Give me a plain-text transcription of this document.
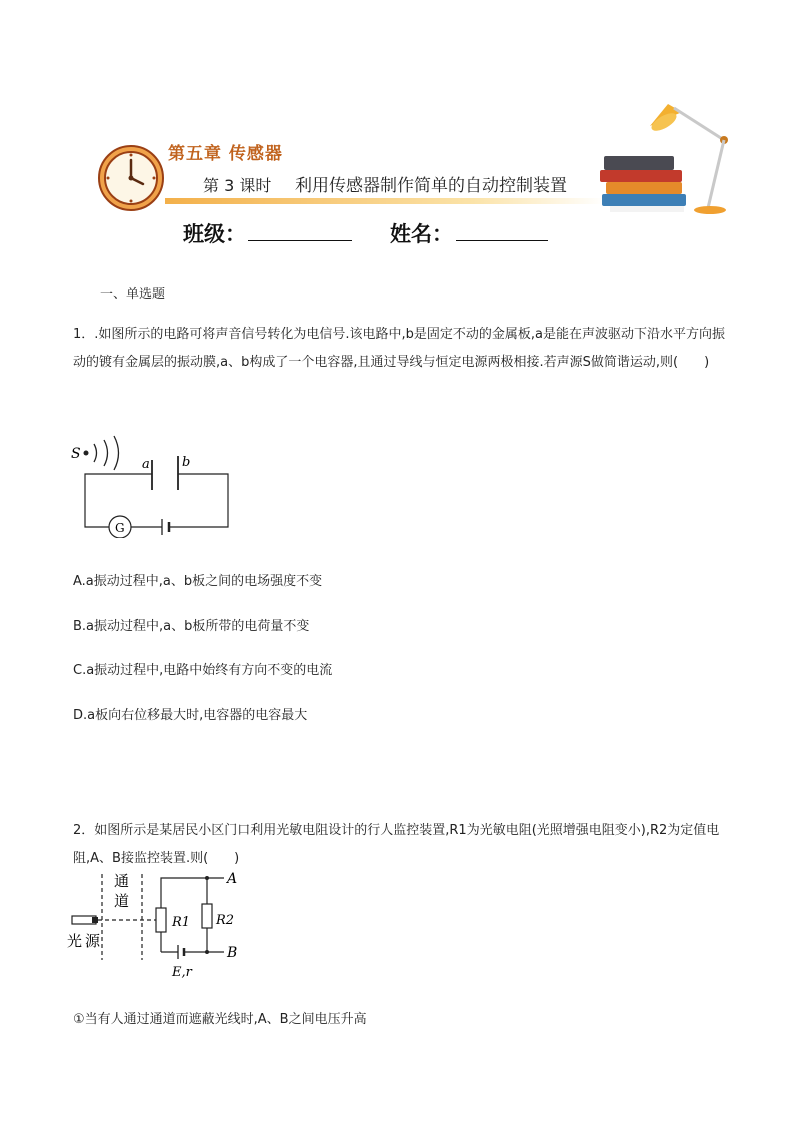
第五章 传感器
第 3 课时 利用传感器制作简单的自动控制装置
班级：	姓名：
一、单选题
1．.如图所示的电路可将声音信号转化为电信号.该电路中,b是固定不动的金属板,a是能在声波驱动下沿水平方向振动的镀有金属层的振动膜,a、b构成了一个电容器,且通过导线与恒定电源两极相接.若声源S做简谐运动,则(　　)
S
a b
G
A.a振动过程中,a、b板之间的电场强度不变
B.a振动过程中,a、b板所带的电荷量不变
C.a振动过程中,电路中始终有方向不变的电流
D.a板向右位移最大时,电容器的电容最大
2．如图所示是某居民小区门口利用光敏电阻设计的行人监控装置,R1为光敏电阻(光照增强电阻变小),R2为定值电阻,A、B接监控装置.则(　　)
通
道
光 源
R1 R2
A
B
E,r
①当有人通过通道而遮蔽光线时,A、B之间电压升高
